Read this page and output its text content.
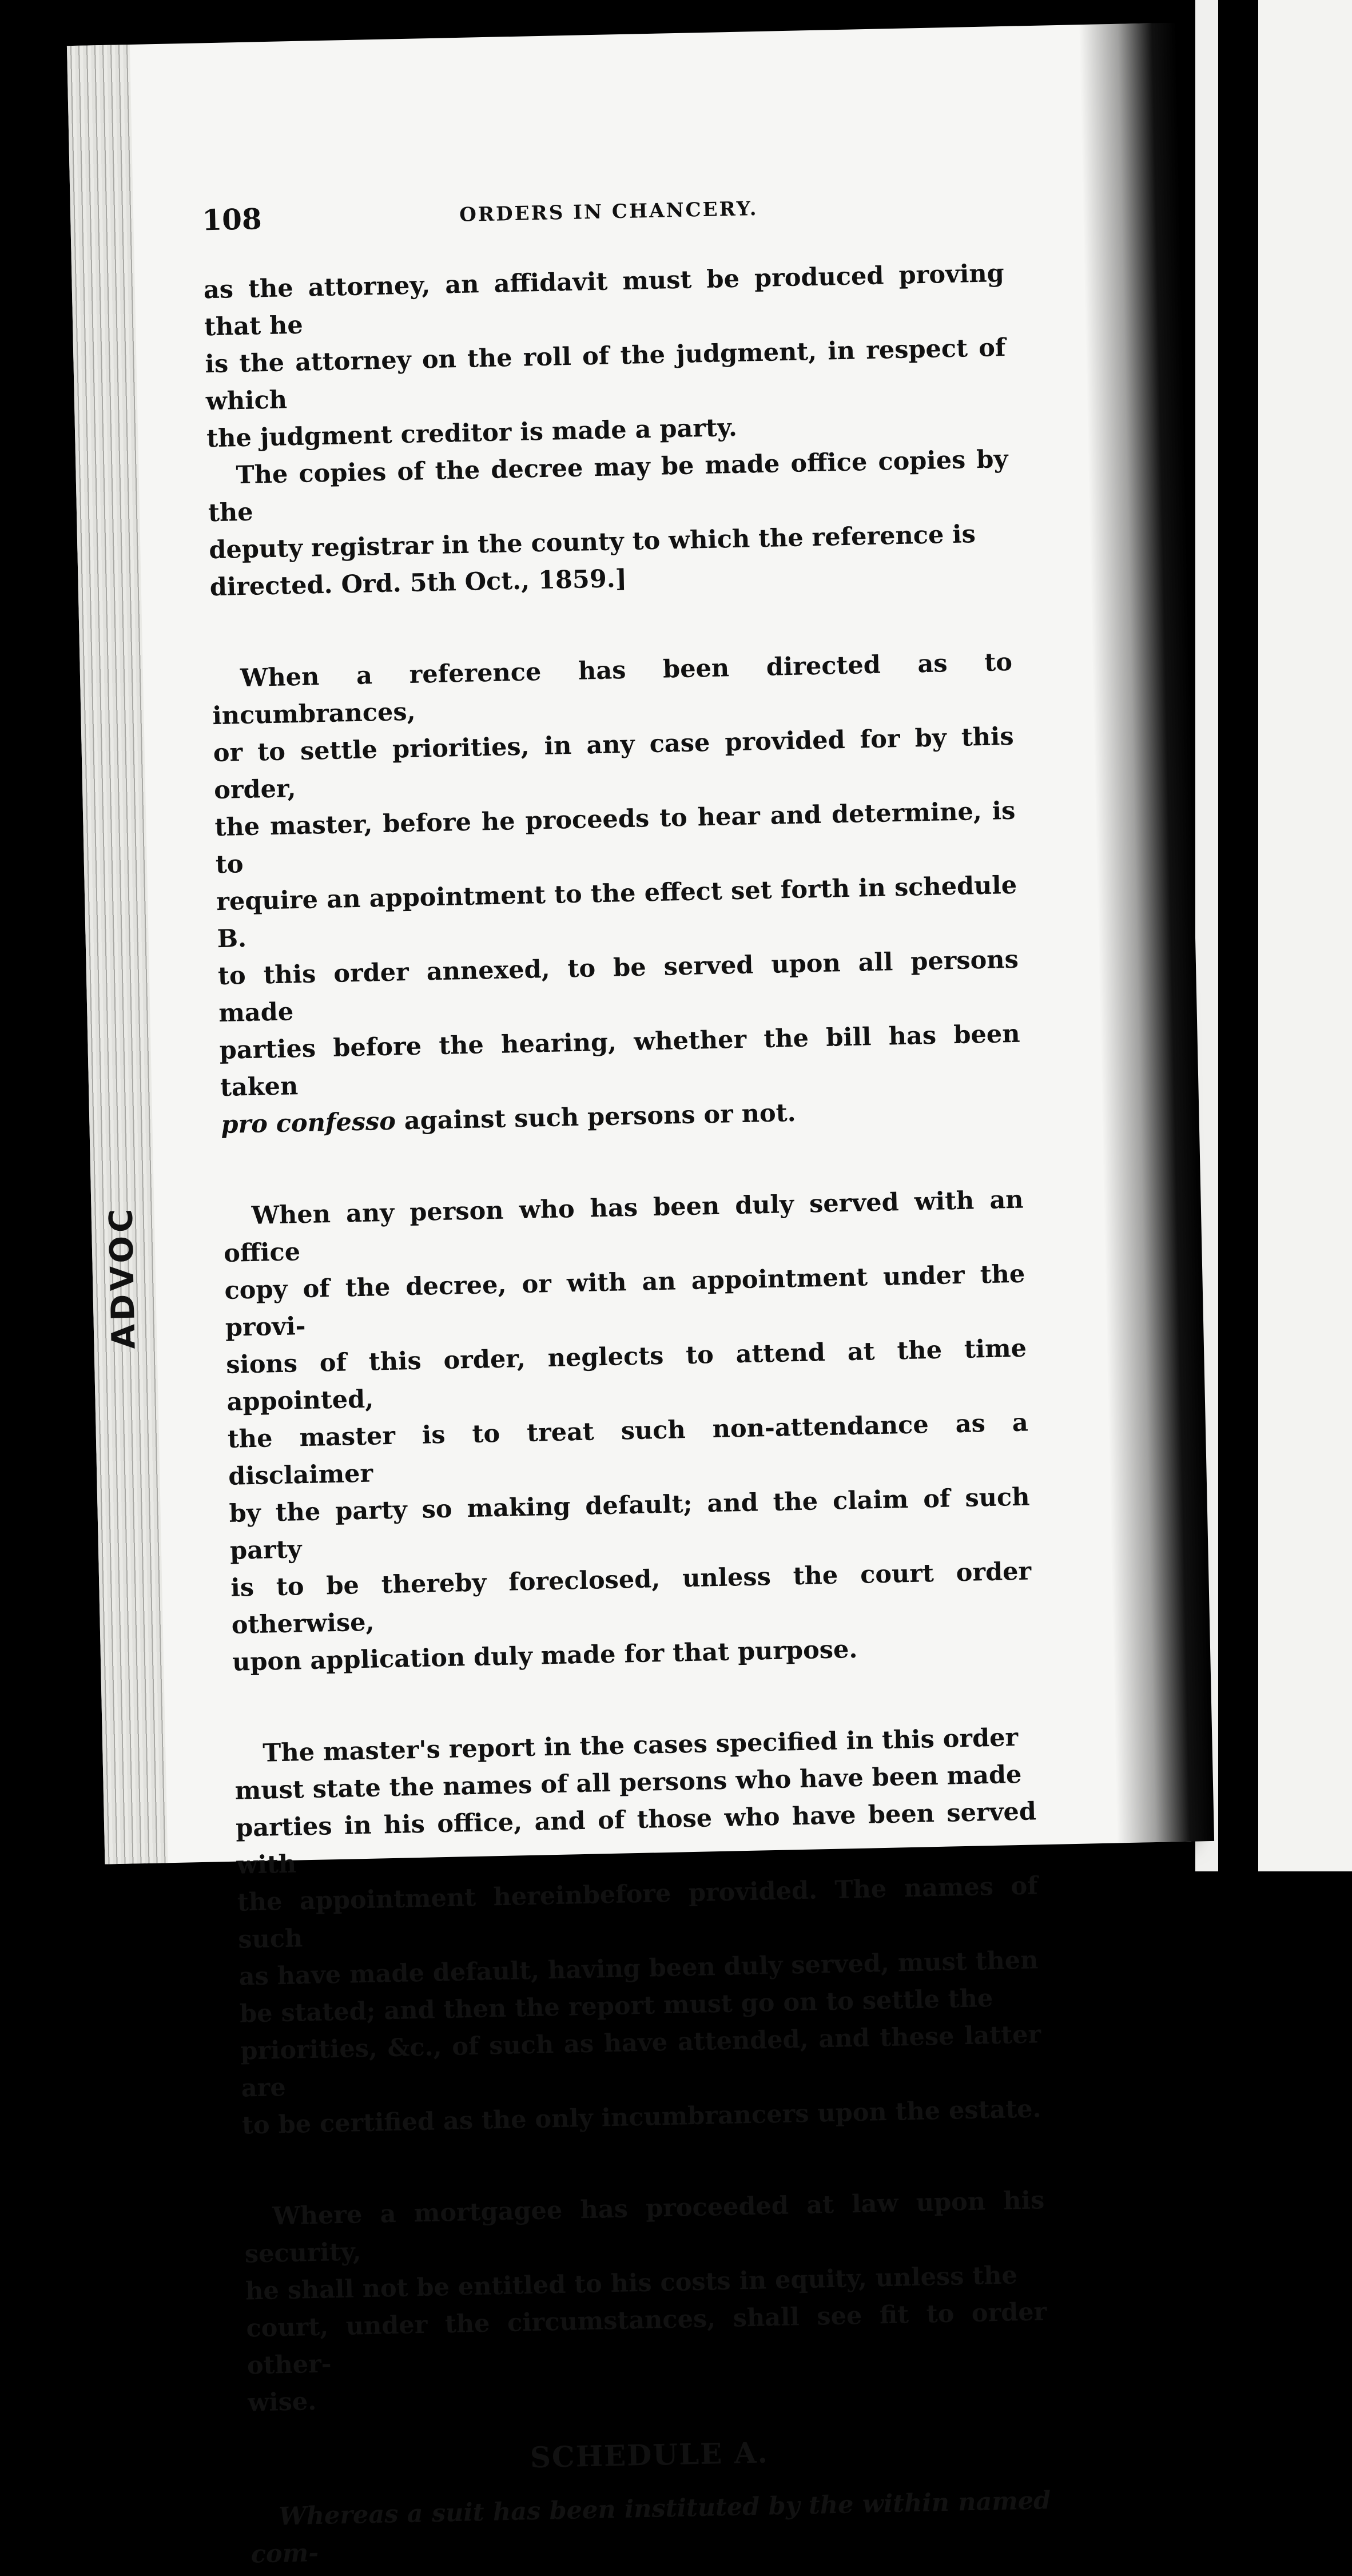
ADVOC
108	ORDERS IN CHANCERY.
as the attorney, an affidavit must be produced proving that he
is the attorney on the roll of the judgment, in respect of which
the judgment creditor is made a party.
The copies of the decree may be made office copies by the
deputy registrar in the county to which the reference is
directed. Ord. 5th Oct., 1859.]
When a reference has been directed as to incumbrances,
or to settle priorities, in any case provided for by this order,
the master, before he proceeds to hear and determine, is to
require an appointment to the effect set forth in schedule B.
to this order annexed, to be served upon all persons made
parties before the hearing, whether the bill has been taken
pro confesso against such persons or not.
When any person who has been duly served with an office
copy of the decree, or with an appointment under the provi-
sions of this order, neglects to attend at the time appointed,
the master is to treat such non-attendance as a disclaimer
by the party so making default; and the claim of such party
is to be thereby foreclosed, unless the court order otherwise,
upon application duly made for that purpose.
The master's report in the cases specified in this order
must state the names of all persons who have been made
parties in his office, and of those who have been served with
the appointment hereinbefore provided. The names of such
as have made default, having been duly served, must then
be stated; and then the report must go on to settle the
priorities, &c., of such as have attended, and these latter are
to be certified as the only incumbrancers upon the estate.
Where a mortgagee has proceeded at law upon his security,
he shall not be entitled to his costs in equity, unless the
court, under the circumstances, shall see fit to order other-
wise.
SCHEDULE A.
Whereas a suit has been instituted by the within named com-
